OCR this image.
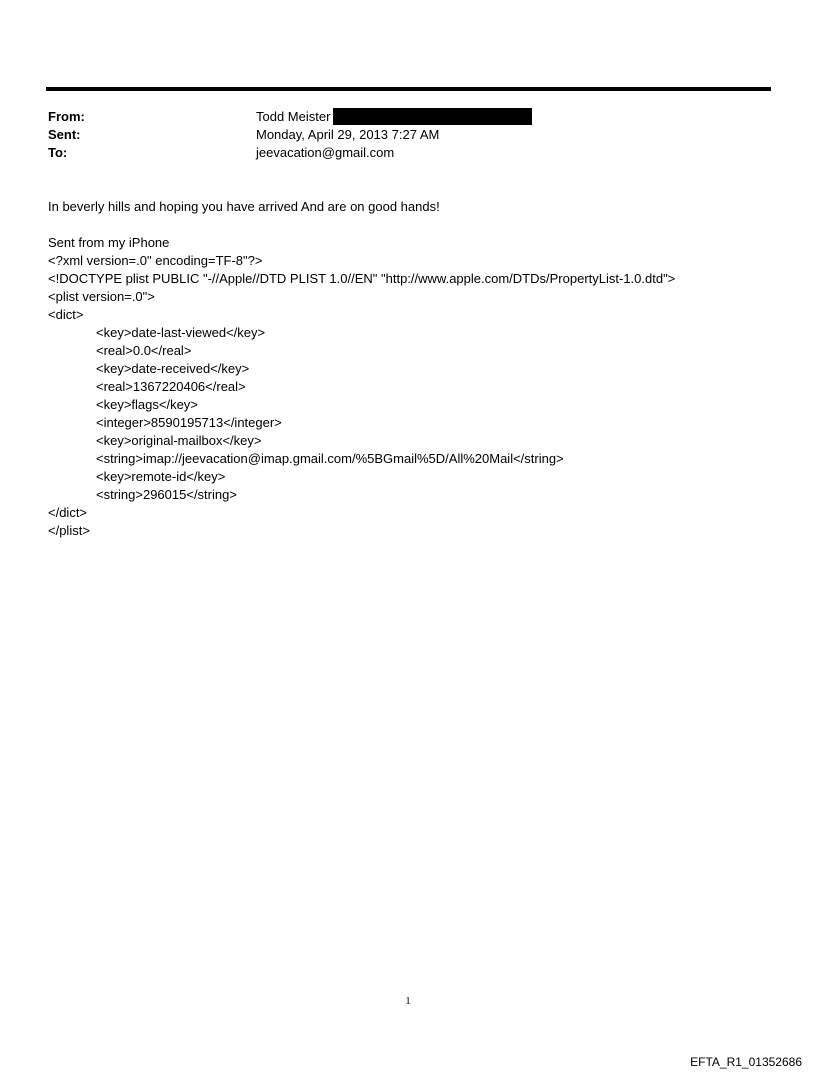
From:	Todd Meister
Sent:	Monday, April 29, 2013 7:27 AM
To:	jeevacation@gmail.com
In beverly hills and hoping you have arrived And are on good hands!
Sent from my iPhone
<?xml version=.0" encoding=TF-8"?>
<!DOCTYPE plist PUBLIC "-//Apple//DTD PLIST 1.0//EN" "http://www.apple.com/DTDs/PropertyList-1.0.dtd">
<plist version=.0">
<dict>
<key>date-last-viewed</key>
<real>0.0</real>
<key>date-received</key>
<real>1367220406</real>
<key>flags</key>
<integer>8590195713</integer>
<key>original-mailbox</key>
<string>imap://jeevacation@imap.gmail.com/%5BGmail%5D/All%20Mail</string>
<key>remote-id</key>
<string>296015</string>
</dict>
</plist>
1
EFTA_R1_01352686
